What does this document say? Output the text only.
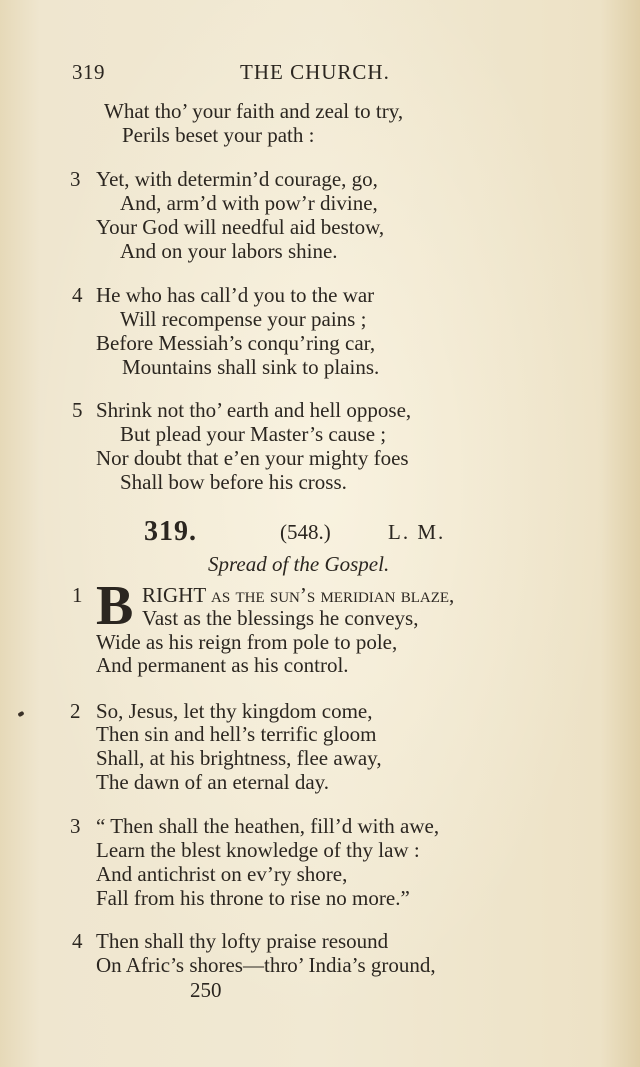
319	THE CHURCH.
What tho’ your faith and zeal to try,
Perils beset your path :
3 Yet, with determin’d courage, go,
And, arm’d with pow’r divine,
Your God will needful aid bestow,
And on your labors shine.
4 He who has call’d you to the war
Will recompense your pains ;
Before Messiah’s conqu’ring car,
Mountains shall sink to plains.
5 Shrink not tho’ earth and hell oppose,
But plead your Master’s cause ;
Nor doubt that e’en your mighty foes
Shall bow before his cross.
319.	(548.)	L. M.
Spread of the Gospel.
1 B RIGHT as the sun’s meridian blaze,
Vast as the blessings he conveys,
Wide as his reign from pole to pole,
And permanent as his control.
2 So, Jesus, let thy kingdom come,
Then sin and hell’s terrific gloom
Shall, at his brightness, flee away,
The dawn of an eternal day.
3 “ Then shall the heathen, fill’d with awe,
Learn the blest knowledge of thy law :
And antichrist on ev’ry shore,
Fall from his throne to rise no more.”
4 Then shall thy lofty praise resound
On Afric’s shores—thro’ India’s ground,
250
